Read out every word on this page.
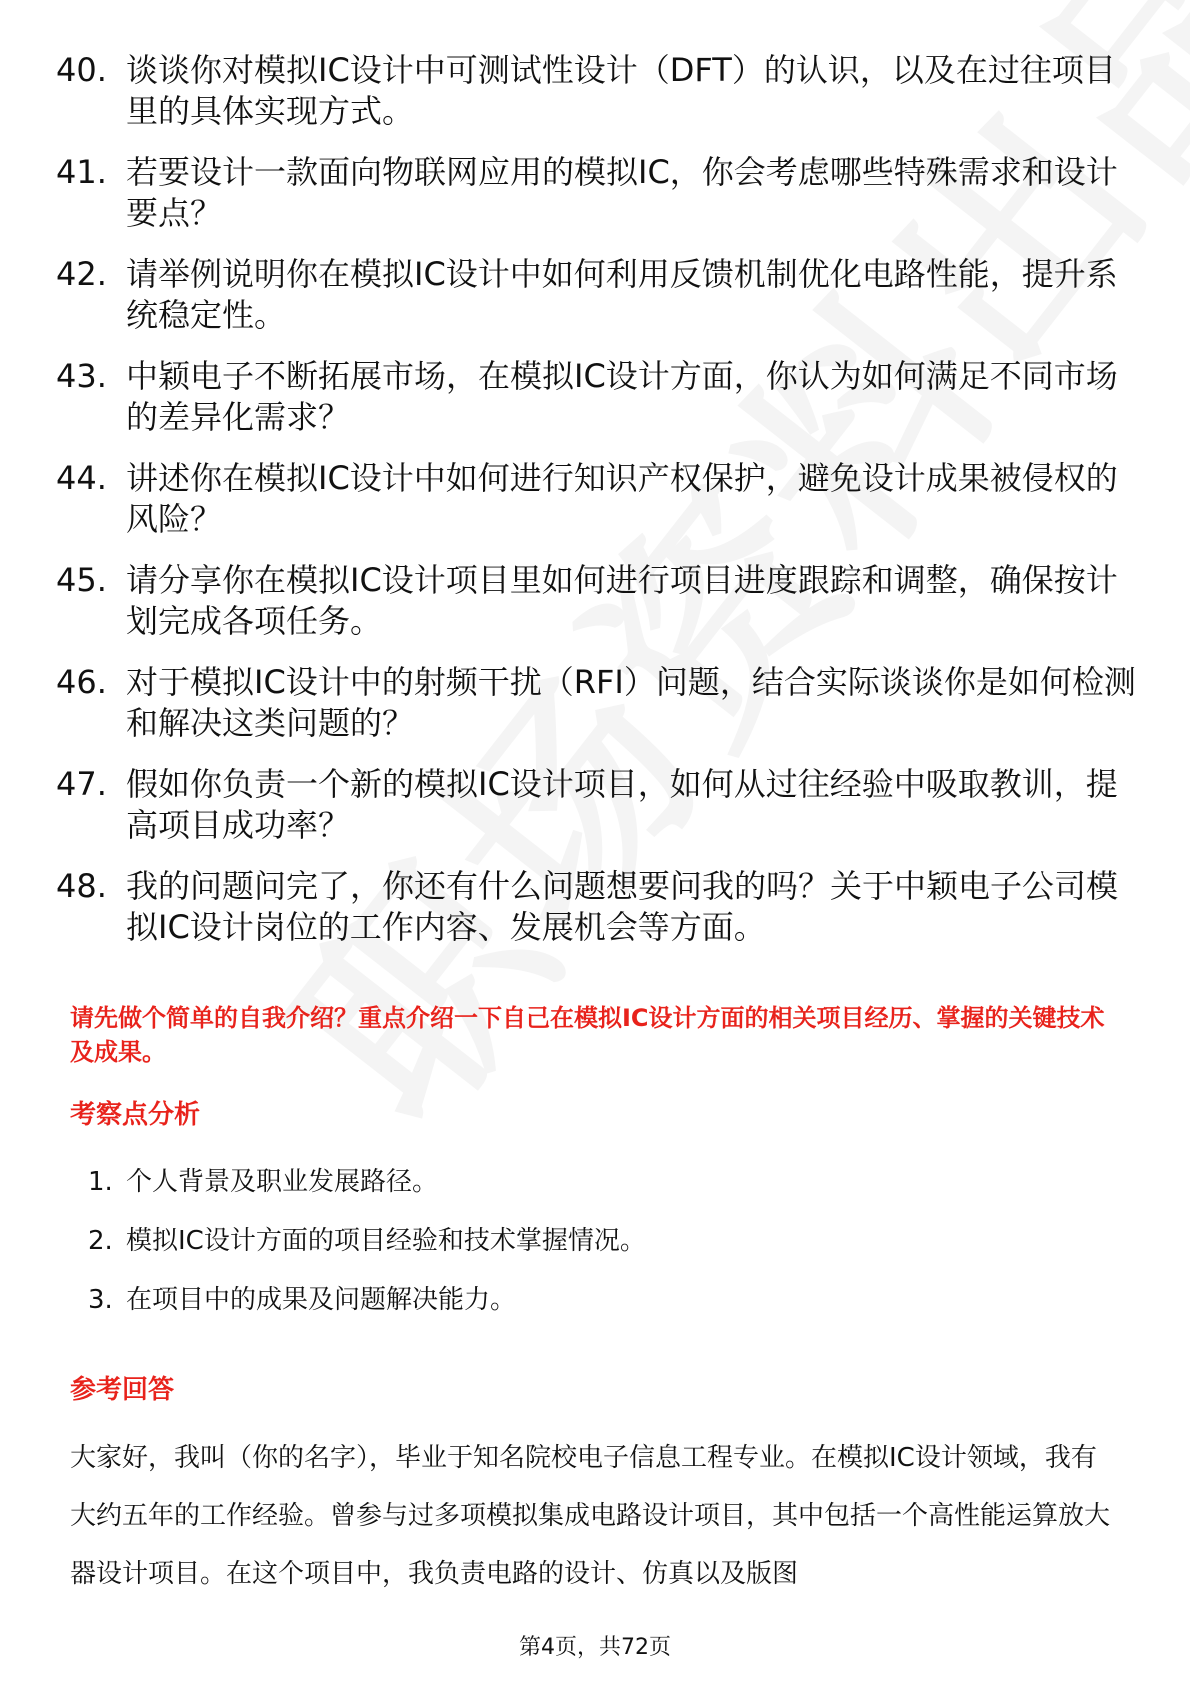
40. 谈谈你对模拟IC设计中可测试性设计（DFT）的认识，以及在过往项目里的具体实现方式。
41. 若要设计一款面向物联网应用的模拟IC，你会考虑哪些特殊需求和设计要点？
42. 请举例说明你在模拟IC设计中如何利用反馈机制优化电路性能，提升系统稳定性。
43. 中颖电子不断拓展市场，在模拟IC设计方面，你认为如何满足不同市场的差异化需求？
44. 讲述你在模拟IC设计中如何进行知识产权保护，避免设计成果被侵权的风险？
45. 请分享你在模拟IC设计项目里如何进行项目进度跟踪和调整，确保按计划完成各项任务。
46. 对于模拟IC设计中的射频干扰（RFI）问题，结合实际谈谈你是如何检测和解决这类问题的？
47. 假如你负责一个新的模拟IC设计项目，如何从过往经验中吸取教训，提高项目成功率？
48. 我的问题问完了，你还有什么问题想要问我的吗？关于中颖电子公司模拟IC设计岗位的工作内容、发展机会等方面。

请先做个简单的自我介绍？重点介绍一下自己在模拟IC设计方面的相关项目经历、掌握的关键技术及成果。

考察点分析
1. 个人背景及职业发展路径。
2. 模拟IC设计方面的项目经验和技术掌握情况。
3. 在项目中的成果及问题解决能力。
参考回答

大家好，我叫（你的名字），毕业于知名院校电子信息工程专业。在模拟IC设计领域，我有大约五年的工作经验。曾参与过多项模拟集成电路设计项目，其中包括一个高性能运算放大器设计项目。在这个项目中，我负责电路的设计、仿真以及版图

第4页，共72页
